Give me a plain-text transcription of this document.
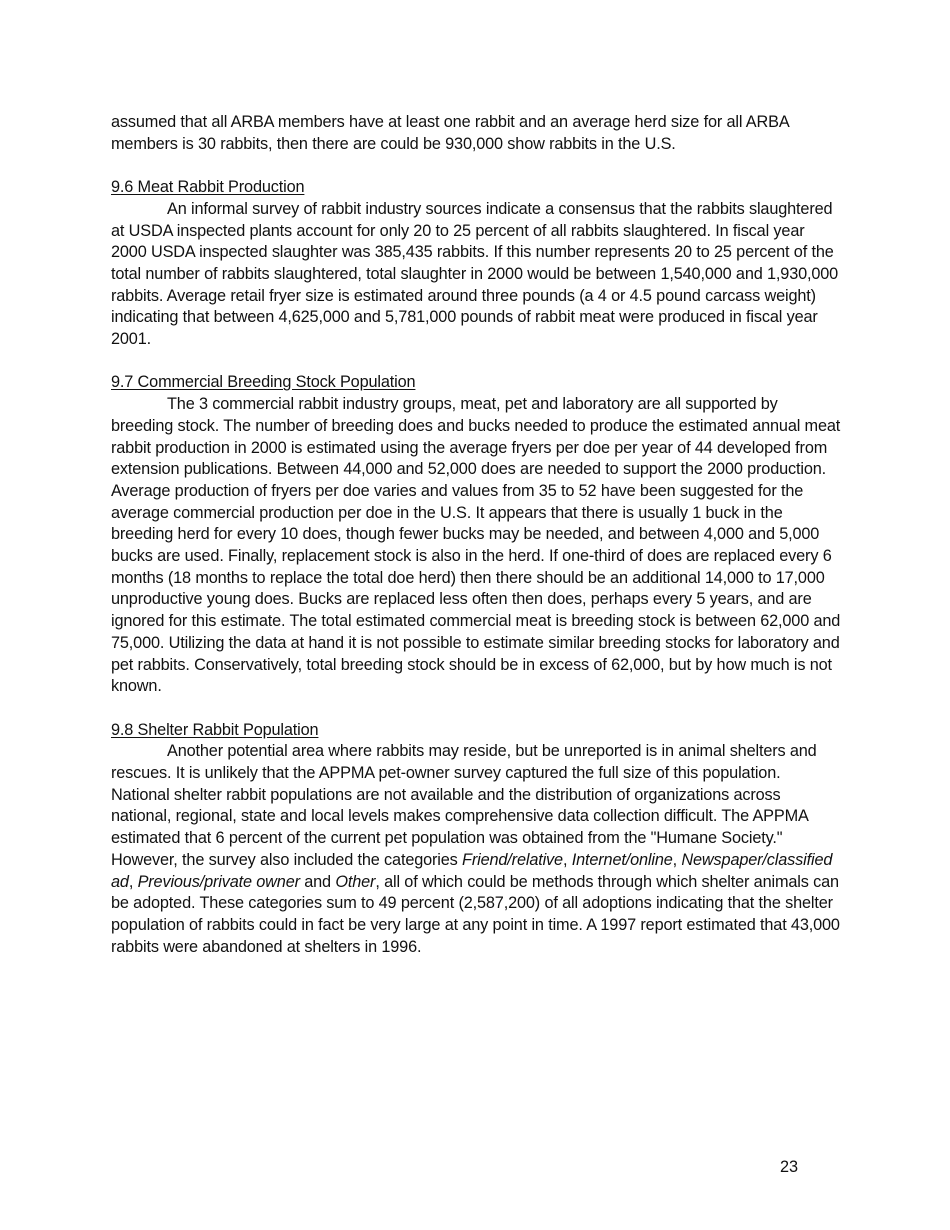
assumed that all ARBA members have at least one rabbit and an average herd size for all ARBA members is 30 rabbits, then there are could be 930,000 show rabbits in the U.S.

9.6 Meat Rabbit Production

An informal survey of rabbit industry sources indicate a consensus that the rabbits slaughtered at USDA inspected plants account for only 20 to 25 percent of all rabbits slaughtered. In fiscal year 2000 USDA inspected slaughter was 385,435 rabbits. If this number represents 20 to 25 percent of the total number of rabbits slaughtered, total slaughter in 2000 would be between 1,540,000 and 1,930,000 rabbits. Average retail fryer size is estimated around three pounds (a 4 or 4.5 pound carcass weight) indicating that between 4,625,000 and 5,781,000 pounds of rabbit meat were produced in fiscal year 2001.

9.7 Commercial Breeding Stock Population

The 3 commercial rabbit industry groups, meat, pet and laboratory are all supported by breeding stock. The number of breeding does and bucks needed to produce the estimated annual meat rabbit production in 2000 is estimated using the average fryers per doe per year of 44 developed from extension publications. Between 44,000 and 52,000 does are needed to support the 2000 production. Average production of fryers per doe varies and values from 35 to 52 have been suggested for the average commercial production per doe in the U.S. It appears that there is usually 1 buck in the breeding herd for every 10 does, though fewer bucks may be needed, and between 4,000 and 5,000 bucks are used. Finally, replacement stock is also in the herd. If one-third of does are replaced every 6 months (18 months to replace the total doe herd) then there should be an additional 14,000 to 17,000 unproductive young does. Bucks are replaced less often then does, perhaps every 5 years, and are ignored for this estimate. The total estimated commercial meat is breeding stock is between 62,000 and 75,000. Utilizing the data at hand it is not possible to estimate similar breeding stocks for laboratory and pet rabbits. Conservatively, total breeding stock should be in excess of 62,000, but by how much is not known.

9.8 Shelter Rabbit Population

Another potential area where rabbits may reside, but be unreported is in animal shelters and rescues. It is unlikely that the APPMA pet-owner survey captured the full size of this population. National shelter rabbit populations are not available and the distribution of organizations across national, regional, state and local levels makes comprehensive data collection difficult. The APPMA estimated that 6 percent of the current pet population was obtained from the "Humane Society." However, the survey also included the categories Friend/relative, Internet/online, Newspaper/classified ad, Previous/private owner and Other, all of which could be methods through which shelter animals can be adopted. These categories sum to 49 percent (2,587,200) of all adoptions indicating that the shelter population of rabbits could in fact be very large at any point in time. A 1997 report estimated that 43,000 rabbits were abandoned at shelters in 1996.

23
